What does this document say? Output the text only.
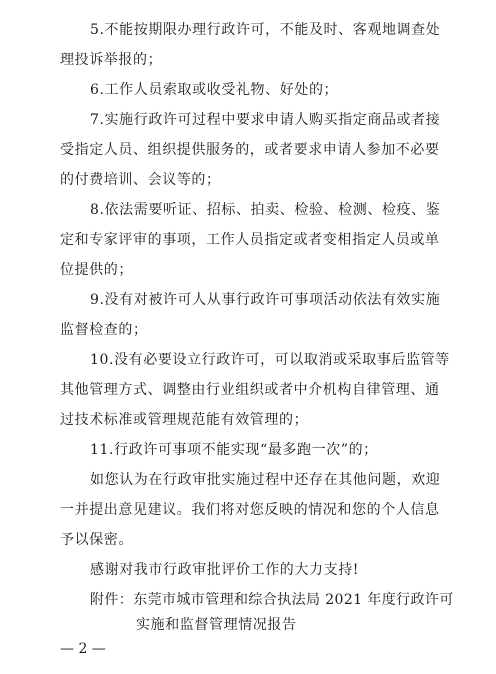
5.不能按期限办理行政许可，不能及时、客观地调查处
理投诉举报的；
6.工作人员索取或收受礼物、好处的；
7.实施行政许可过程中要求申请人购买指定商品或者接
受指定人员、组织提供服务的，或者要求申请人参加不必要
的付费培训、会议等的；
8.依法需要听证、招标、拍卖、检验、检测、检疫、鉴
定和专家评审的事项，工作人员指定或者变相指定人员或单
位提供的；
9.没有对被许可人从事行政许可事项活动依法有效实施
监督检查的；
10.没有必要设立行政许可，可以取消或采取事后监管等
其他管理方式、调整由行业组织或者中介机构自律管理、通
过技术标准或管理规范能有效管理的；
11.行政许可事项不能实现“最多跑一次”的；
如您认为在行政审批实施过程中还存在其他问题，欢迎
一并提出意见建议。我们将对您反映的情况和您的个人信息
予以保密。
感谢对我市行政审批评价工作的大力支持!
附件：东莞市城市管理和综合执法局 2021 年度行政许可
实施和监督管理情况报告
— 2 —
